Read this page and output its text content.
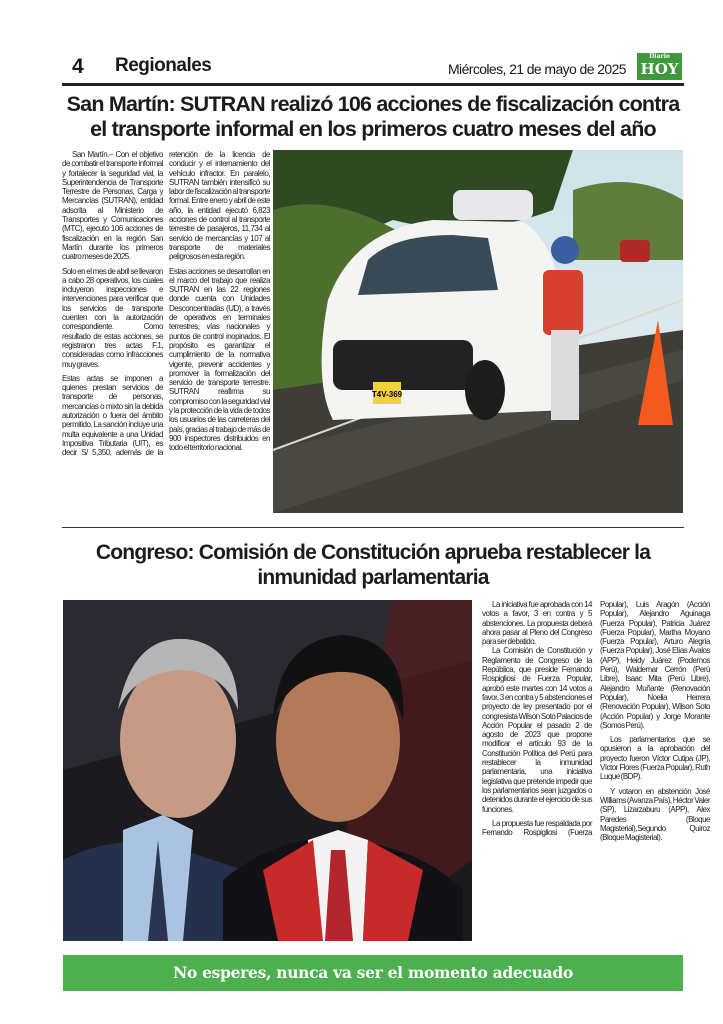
4 Regionales	Miércoles, 21 de mayo de 2025
Diario
HOY
San Martín: SUTRAN realizó 106 acciones de fiscalización contra el transporte informal en los primeros cuatro meses del año

San Martín.– Con el objetivo de combatir el transporte informal y fortalecer la seguridad vial, la Superintendencia de Transporte Terrestre de Personas, Carga y Mercancías (SUTRAN), entidad adscrita al Ministerio de Transportes y Comunicaciones (MTC), ejecutó 106 acciones de fiscalización en la región San Martín durante los primeros cuatro meses de 2025.

Solo en el mes de abril se llevaron a cabo 28 operativos, los cuales incluyeron inspecciones e intervenciones para verificar que los servicios de transporte cuenten con la autorización correspondiente. Como resultado de estas acciones, se registraron tres actas F.1, consideradas como infracciones muy graves.

Estas actas se imponen a quienes prestan servicios de transporte de personas, mercancías o mixto sin la debida autorización o fuera del ámbito permitido. La sanción incluye una multa equivalente a una Unidad Impositiva Tributaria (UIT), es decir S/ 5,350, además de la retención de la licencia de conducir y el internamiento del vehículo infractor. En paralelo, SUTRAN también intensificó su labor de fiscalización al transporte formal. Entre enero y abril de este año, la entidad ejecutó 6,823 acciones de control al transporte terrestre de pasajeros, 11,734 al servicio de mercancías y 107 al transporte de materiales peligrosos en esta región.

Estas acciones se desarrollan en el marco del trabajo que realiza SUTRAN en las 22 regiones donde cuenta con Unidades Desconcentradas (UD), a través de operativos en terminales terrestres, vías nacionales y puntos de control inopinados. El propósito es garantizar el cumplimiento de la normativa vigente, prevenir accidentes y promover la formalización del servicio de transporte terrestre. SUTRAN reafirma su compromiso con la seguridad vial y la protección de la vida de todos los usuarios de las carreteras del país, gracias al trabajo de más de 900 inspectores distribuidos en todo el territorio nacional.

T4V-369
Congreso: Comisión de Constitución aprueba restablecer la inmunidad parlamentaria

La iniciativa fue aprobada con 14 votos a favor, 3 en contra y 5 abstenciones. La propuesta deberá ahora pasar al Pleno del Congreso para ser debatido.

La Comisión de Constitución y Reglamento de Congreso de la República, que preside Fernando Rospigliosi de Fuerza Popular, aprobó este martes con 14 votos a favor, 3 en contra y 5 abstenciones el proyecto de ley presentado por el congresista Wilson Soto Palacios de Acción Popular el pasado 2 de agosto de 2023 que propone modificar el artículo 93 de la Constitución Política del Perú para restablecer la inmunidad parlamentaria, una iniciativa legislativa que pretende impedir que los parlamentarios sean juzgados o detenidos durante el ejercicio de sus funciones.

La propuesta fue respaldada por Fernando Rospigliosi (Fuerza Popular), Luis Aragón (Acción Popular), Alejandro Aguinaga (Fuerza Popular), Patricia Juárez (Fuerza Popular), Martha Moyano (Fuerza Popular), Arturo Alegría (Fuerza Popular), José Elías Ávalos (APP), Heidy Juárez (Podemos Perú), Waldemar Cerrón (Perú Libre), Isaac Mita (Perú Libre), Alejandro Muñante (Renovación Popular), Noelia Herrera (Renovación Popular), Wilson Soto (Acción Popular) y Jorge Morante (Somos Perú).

Los parlamentarios que se opusieron a la aprobación del proyecto fueron Víctor Cutipa (JP), Víctor Flores (Fuerza Popular), Ruth Luque (BDP).

Y votaron en abstención José Williams (Avanza País), Héctor Valer (SP), Lizarzaburu (APP), Alex Paredes (Bloque Magisterial),Segundo Quiroz (Bloque Magisterial).

No esperes, nunca va ser el momento adecuado
